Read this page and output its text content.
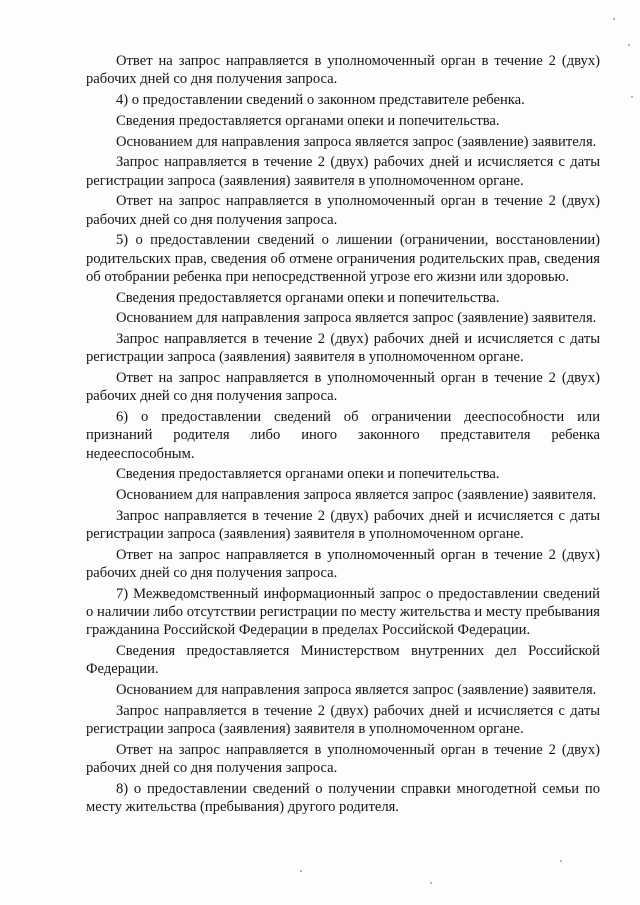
Ответ на запрос направляется в уполномоченный орган в течение 2 (двух) рабочих дней со дня получения запроса.

4) о предоставлении сведений о законном представителе ребенка.

Сведения предоставляется органами опеки и попечительства.

Основанием для направления запроса является запрос (заявление) заявителя.

Запрос направляется в течение 2 (двух) рабочих дней и исчисляется с даты регистрации запроса (заявления) заявителя в уполномоченном органе.

Ответ на запрос направляется в уполномоченный орган в течение 2 (двух) рабочих дней со дня получения запроса.

5) о предоставлении сведений о лишении (ограничении, восстановлении) родительских прав, сведения об отмене ограничения родительских прав, сведения об отобрании ребенка при непосредственной угрозе его жизни или здоровью.

Сведения предоставляется органами опеки и попечительства.

Основанием для направления запроса является запрос (заявление) заявителя.

Запрос направляется в течение 2 (двух) рабочих дней и исчисляется с даты регистрации запроса (заявления) заявителя в уполномоченном органе.

Ответ на запрос направляется в уполномоченный орган в течение 2 (двух) рабочих дней со дня получения запроса.

6) о предоставлении сведений об ограничении дееспособности или признаний родителя либо иного законного представителя ребенка недееспособным.

Сведения предоставляется органами опеки и попечительства.

Основанием для направления запроса является запрос (заявление) заявителя.

Запрос направляется в течение 2 (двух) рабочих дней и исчисляется с даты регистрации запроса (заявления) заявителя в уполномоченном органе.

Ответ на запрос направляется в уполномоченный орган в течение 2 (двух) рабочих дней со дня получения запроса.

7) Межведомственный информационный запрос о предоставлении сведений о наличии либо отсутствии регистрации по месту жительства и месту пребывания гражданина Российской Федерации в пределах Российской Федерации.

Сведения предоставляется Министерством внутренних дел Российской Федерации.

Основанием для направления запроса является запрос (заявление) заявителя.

Запрос направляется в течение 2 (двух) рабочих дней и исчисляется с даты регистрации запроса (заявления) заявителя в уполномоченном органе.

Ответ на запрос направляется в уполномоченный орган в течение 2 (двух) рабочих дней со дня получения запроса.

8) о предоставлении сведений о получении справки многодетной семьи по месту жительства (пребывания) другого родителя.
